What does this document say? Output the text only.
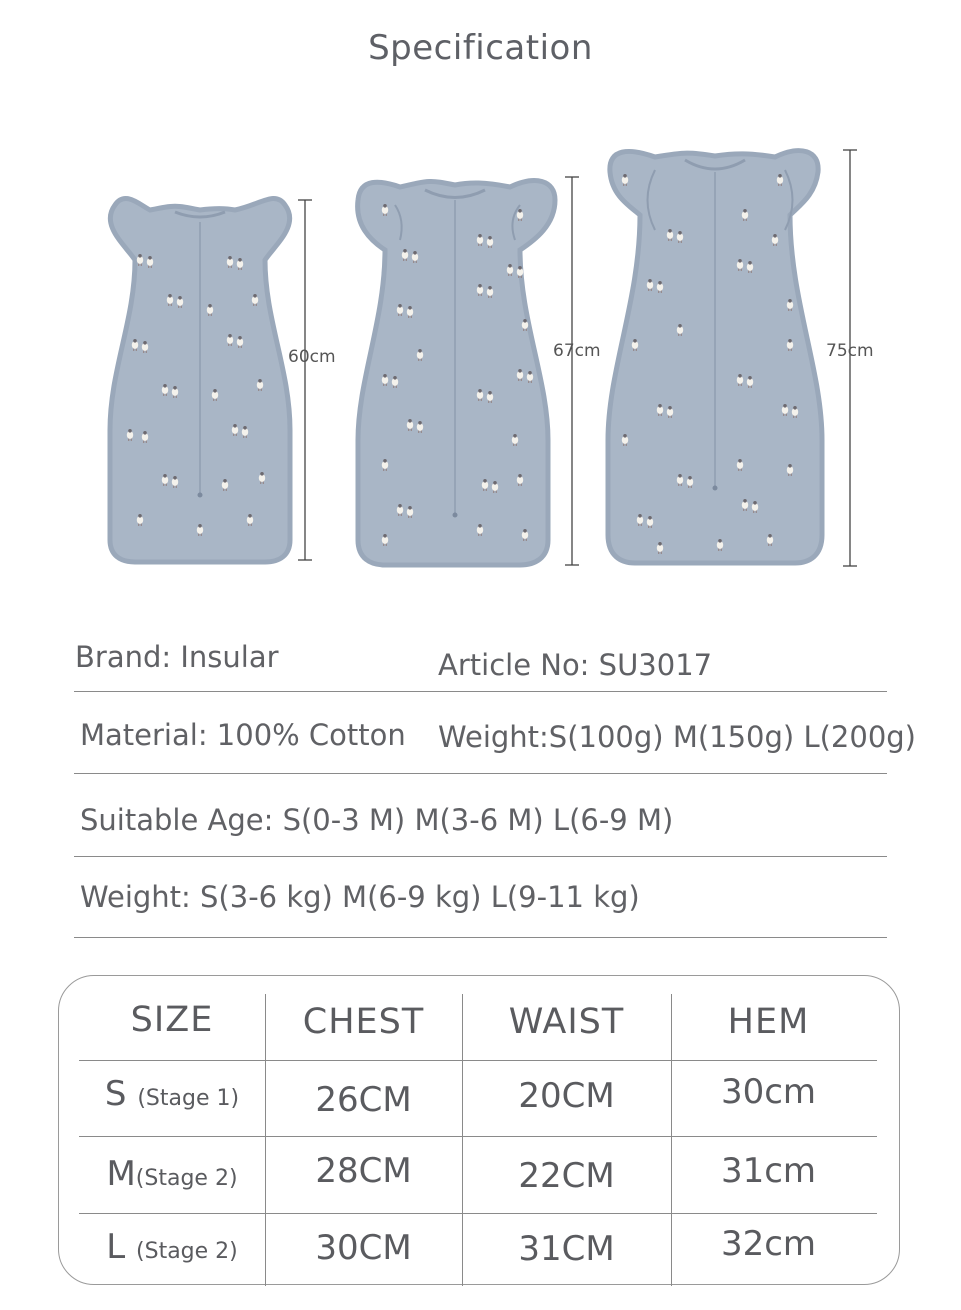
Specification
60cm	67cm	75cm
Brand: Insular	Article No: SU3017
Material: 100% Cotton Weight:S(100g) M(150g) L(200g)
Suitable Age: S(0-3 M) M(3-6 M) L(6-9 M)
Weight: S(3-6 kg) M(6-9 kg) L(9-11 kg)
SIZE	CHEST	WAIST	HEM
S (Stage 1)	26CM	20CM	30cm
M(Stage 2)	28CM	22CM	31cm
L (Stage 2)	30CM	31CM	32cm
